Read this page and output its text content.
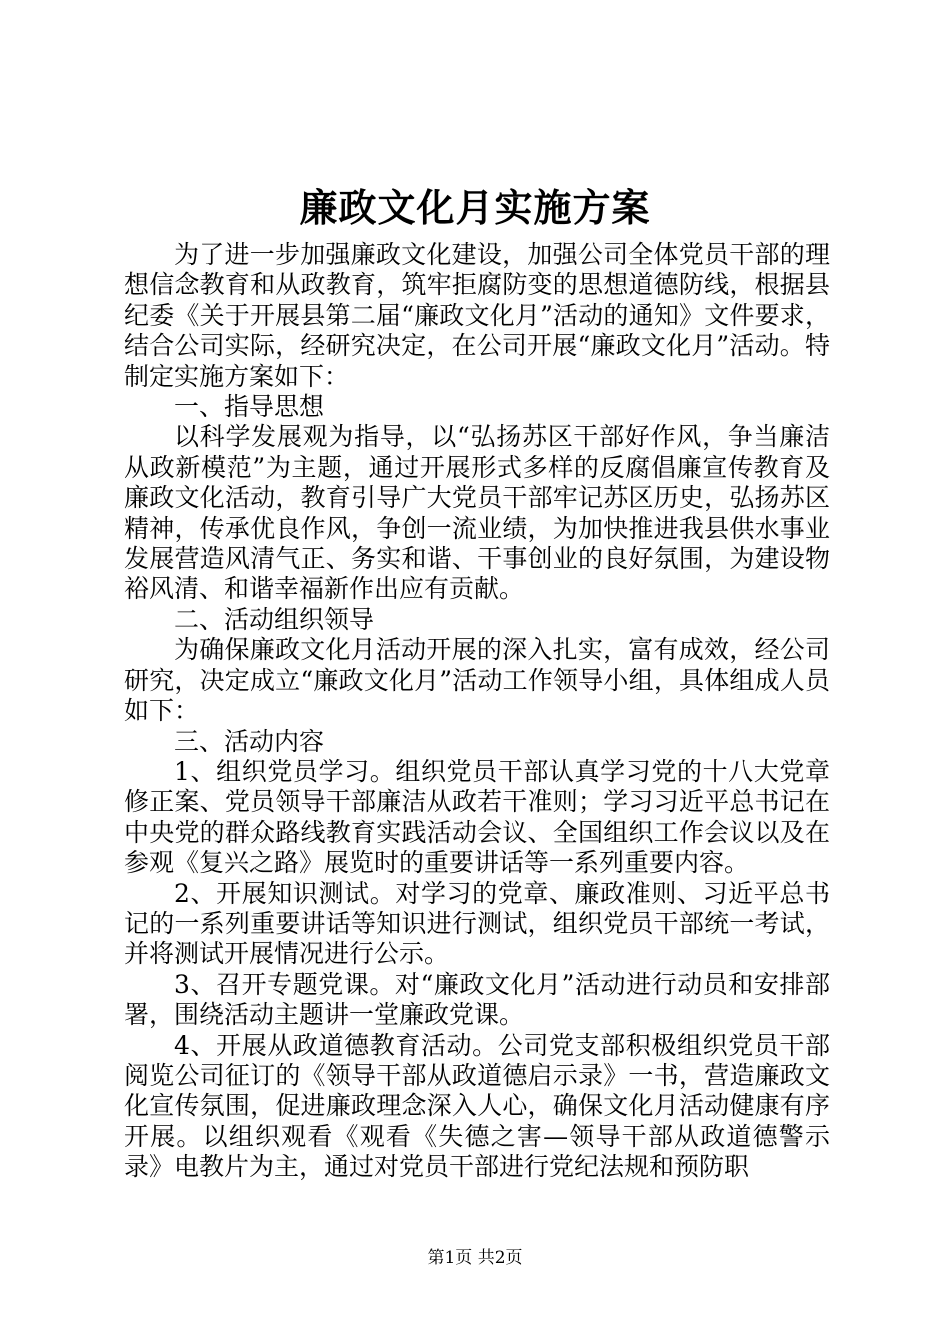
廉政文化月实施方案

为了进一步加强廉政文化建设，加强公司全体党员干部的理想信念教育和从政教育，筑牢拒腐防变的思想道德防线，根据县纪委《关于开展县第二届“廉政文化月”活动的通知》文件要求，结合公司实际，经研究决定，在公司开展“廉政文化月”活动。特制定实施方案如下：

一、指导思想

以科学发展观为指导，以“弘扬苏区干部好作风，争当廉洁从政新模范”为主题，通过开展形式多样的反腐倡廉宣传教育及廉政文化活动，教育引导广大党员干部牢记苏区历史，弘扬苏区精神，传承优良作风，争创一流业绩，为加快推进我县供水事业发展营造风清气正、务实和谐、干事创业的良好氛围，为建设物裕风清、和谐幸福新作出应有贡献。

二、活动组织领导

为确保廉政文化月活动开展的深入扎实，富有成效，经公司研究，决定成立“廉政文化月”活动工作领导小组，具体组成人员如下：

三、活动内容

1、组织党员学习。组织党员干部认真学习党的十八大党章修正案、党员领导干部廉洁从政若干准则；学习习近平总书记在中央党的群众路线教育实践活动会议、全国组织工作会议以及在参观《复兴之路》展览时的重要讲话等一系列重要内容。

2、开展知识测试。对学习的党章、廉政准则、习近平总书记的一系列重要讲话等知识进行测试，组织党员干部统一考试，并将测试开展情况进行公示。

3、召开专题党课。对“廉政文化月”活动进行动员和安排部署，围绕活动主题讲一堂廉政党课。

4、开展从政道德教育活动。公司党支部积极组织党员干部阅览公司征订的《领导干部从政道德启示录》一书，营造廉政文化宣传氛围，促进廉政理念深入人心，确保文化月活动健康有序开展。以组织观看《观看《失德之害—领导干部从政道德警示录》电教片为主，通过对党员干部进行党纪法规和预防职

第1页 共2页
